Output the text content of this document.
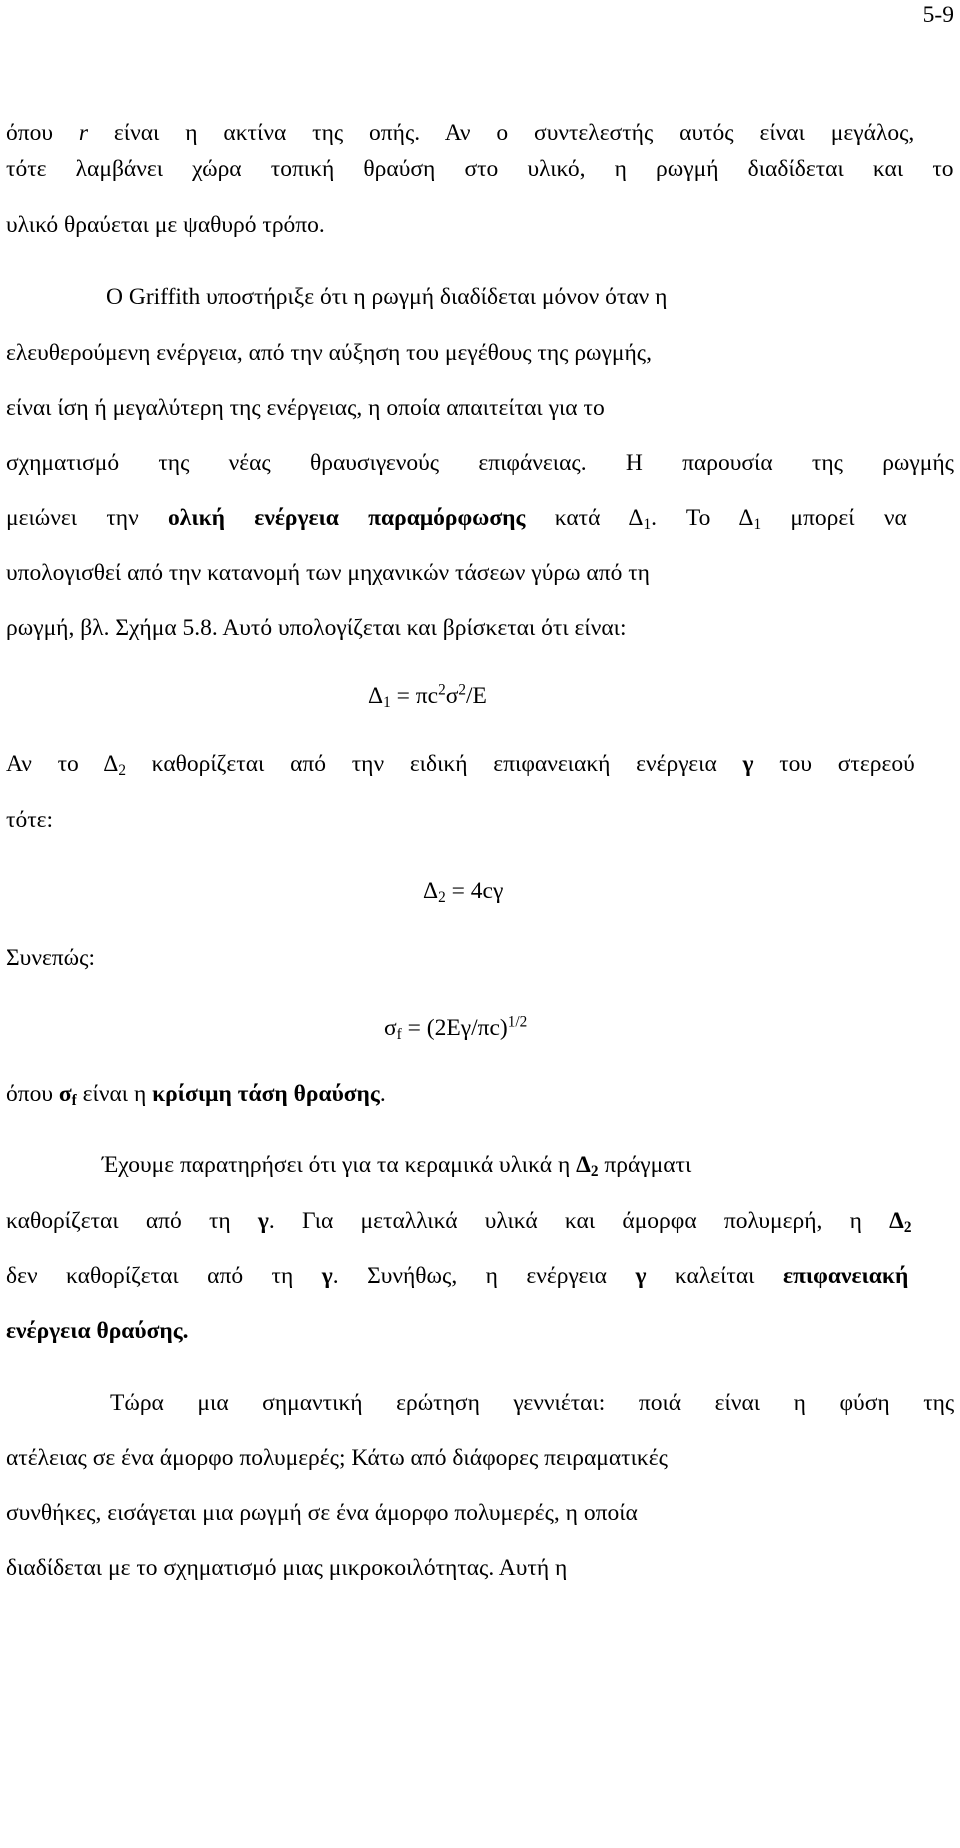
5-9
όπου r είναι η ακτίνα της οπής. Αν ο συντελεστής αυτός είναι μεγάλος,
τότε λαμβάνει χώρα τοπική θραύση στο υλικό, η ρωγμή διαδίδεται και το
υλικό θραύεται με ψαθυρό τρόπο.
Ο Griffith υποστήριξε ότι η ρωγμή διαδίδεται μόνον όταν η
ελευθερούμενη ενέργεια, από την αύξηση του μεγέθους της ρωγμής,
είναι ίση ή μεγαλύτερη της ενέργειας, η οποία απαιτείται για το
σχηματισμό της νέας θραυσιγενούς επιφάνειας. Η παρουσία της ρωγμής
μειώνει την ολική ενέργεια παραμόρφωσης κατά $\Delta_1$. Το $\Delta_1$ μπορεί να
υπολογισθεί από την κατανομή των μηχανικών τάσεων γύρω από τη
ρωγμή, βλ. Σχήμα 5.8. Αυτό υπολογίζεται και βρίσκεται ότι είναι:
$\Delta_1 = \pi c^2\sigma^2/E$
Αν το $\Delta_2$ καθορίζεται από την ειδική επιφανειακή ενέργεια γ του στερεού
τότε:
$\Delta_2 = 4c\gamma$
Συνεπώς:
$\sigma_f = (2E\gamma/\pi c)^{1/2}$
όπου $\sigma_f$ είναι η κρίσιμη τάση θραύσης.
Έχουμε παρατηρήσει ότι για τα κεραμικά υλικά η $\Delta_2$ πράγματι
καθορίζεται από τη γ. Για μεταλλικά υλικά και άμορφα πολυμερή, η $\Delta_2$
δεν καθορίζεται από τη γ. Συνήθως, η ενέργεια γ καλείται επιφανειακή
ενέργεια θραύσης.
Τώρα μια σημαντική ερώτηση γεννιέται: ποιά είναι η φύση της
ατέλειας σε ένα άμορφο πολυμερές; Κάτω από διάφορες πειραματικές
συνθήκες, εισάγεται μια ρωγμή σε ένα άμορφο πολυμερές, η οποία
διαδίδεται με το σχηματισμό μιας μικροκοιλότητας. Αυτή η
